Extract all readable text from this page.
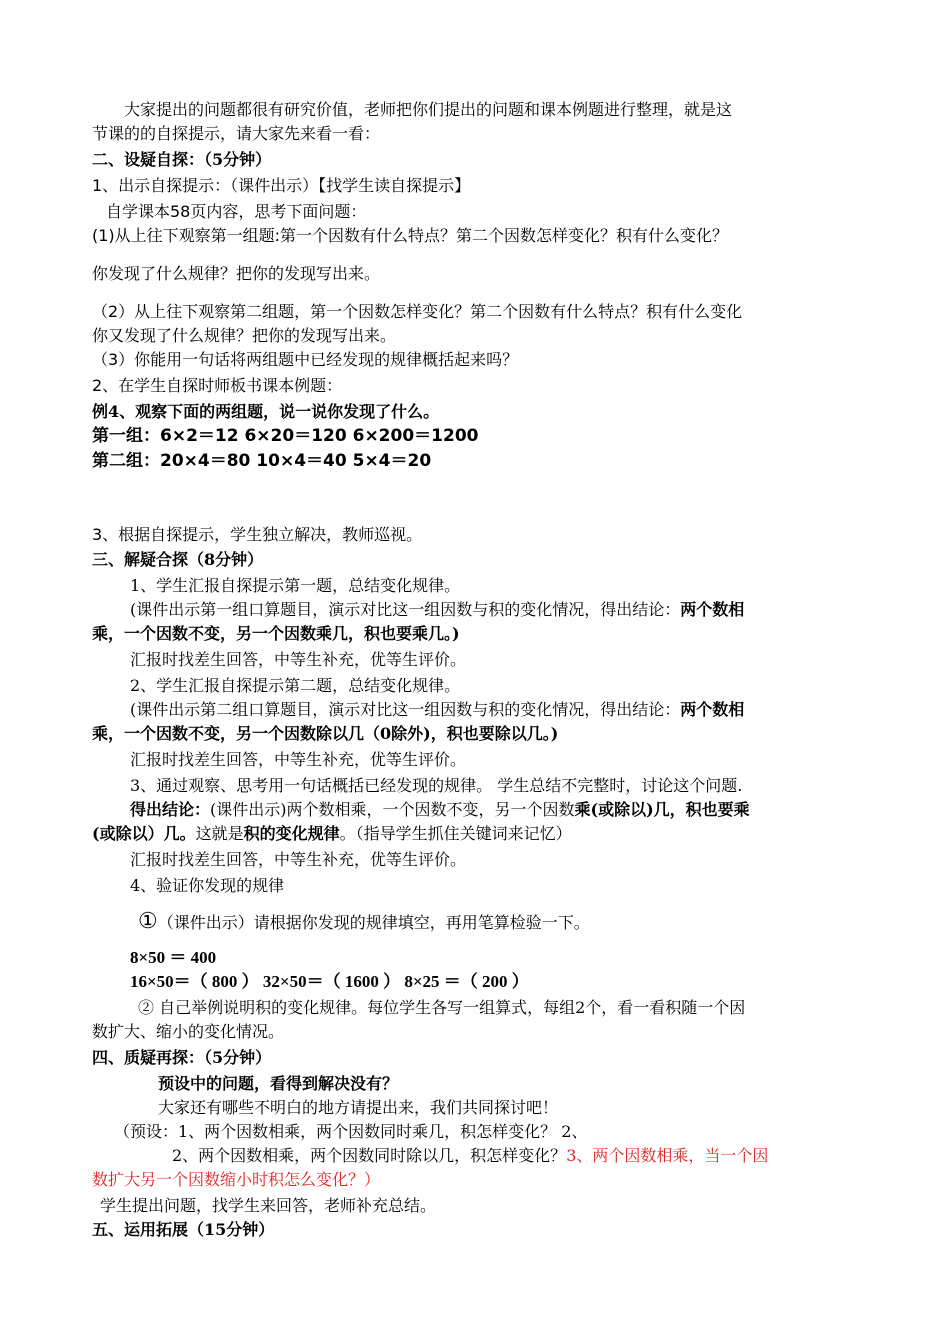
大家提出的问题都很有研究价值，老师把你们提出的问题和课本例题进行整理，就是这
节课的的自探提示，请大家先来看一看：
二、设疑自探：（5分钟）
1、出示自探提示：（课件出示）【找学生读自探提示】
自学课本58页内容，思考下面问题：
(1)从上往下观察第一组题:第一个因数有什么特点？第二个因数怎样变化？积有什么变化？
你发现了什么规律？把你的发现写出来。
（2）从上往下观察第二组题，第一个因数怎样变化？第二个因数有什么特点？积有什么变化
你又发现了什么规律？把你的发现写出来。
（3）你能用一句话将两组题中已经发现的规律概括起来吗？
2、在学生自探时师板书课本例题：
例4、观察下面的两组题，说一说你发现了什么。
第一组：6×2＝12 6×20＝120 6×200＝1200
第二组：20×4＝80 10×4＝40 5×4＝20
3、根据自探提示，学生独立解决，教师巡视。
三、解疑合探（8分钟）
1、学生汇报自探提示第一题，总结变化规律。
(课件出示第一组口算题目，演示对比这一组因数与积的变化情况，得出结论：两个数相
乘，一个因数不变，另一个因数乘几，积也要乘几。)
汇报时找差生回答，中等生补充，优等生评价。
2、学生汇报自探提示第二题，总结变化规律。
(课件出示第二组口算题目，演示对比这一组因数与积的变化情况，得出结论：两个数相
乘，一个因数不变，另一个因数除以几（0除外)，积也要除以几。)
汇报时找差生回答，中等生补充，优等生评价。
3、通过观察、思考用一句话概括已经发现的规律。 学生总结不完整时，讨论这个问题.
得出结论：(课件出示)两个数相乘，一个因数不变，另一个因数乘(或除以)几，积也要乘
(或除以）几。这就是积的变化规律。（指导学生抓住关键词来记忆）
汇报时找差生回答，中等生补充，优等生评价。
4、验证你发现的规律
①（课件出示）请根据你发现的规律填空，再用笔算检验一下。
8×50 ＝ 400
16×50＝（ 800 ） 32×50＝（ 1600 ） 8×25 ＝（ 200 ）
② 自己举例说明积的变化规律。每位学生各写一组算式，每组2个，看一看积随一个因
数扩大、缩小的变化情况。
四、质疑再探：（5分钟）
预设中的问题，看得到解决没有？
大家还有哪些不明白的地方请提出来，我们共同探讨吧！
（预设：1、两个因数相乘，两个因数同时乘几，积怎样变化？ 2、
2、两个因数相乘，两个因数同时除以几，积怎样变化？3、两个因数相乘，当一个因
数扩大另一个因数缩小时积怎么变化？）
学生提出问题，找学生来回答，老师补充总结。
五、运用拓展（15分钟）
